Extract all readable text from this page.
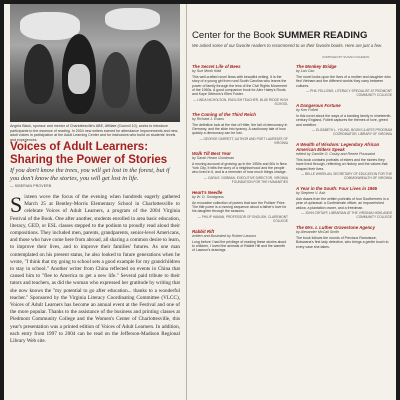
Angela Black, sponsor and mentor of Charlottesville's ABE, Affiliate (Council 10), works to introduce participants to the essence of reading. In 2004 new writers earned for attendance improvements and new-adult voices in participation at the Adult Learning Center and for instructors who build on students' levels and experiences.
Voices of Adult Learners: Sharing the Power of Stories
If you don't know the trees, you will get lost in the forest, but if you don't know the stories, you will get lost in life.
— SIBERIAN PROVERB
S ixteen wove the focus of the evening when hundreds eagerly gathered March 25 at Bentley-Morris Elementary School in Charlottesville to celebrate Voices of Adult Learners, a program of the 2004 Virginia Festival of the Book. One after another, students enrolled in area basic education, literacy, GED, or ESL classes stepped to the podium to proudly read aloud their compositions. They included men, parents, grandparents, senior-level Americans, and those who have come here from abroad, all sharing a common desire to learn, to improve their lives, and to improve their families' futures. As one man contemplated on his present status, he also looked to future generations when he wrote, "I think that my going to school sets a good example for my grandchildren to stay in school." Another writer from China reflected on events in China that caused him to "flee to America to get a new life." Several paid tribute to their tutors and teachers, as did the woman who expressed her gratitude by writing that she now knows the "my potential to go after education... thanks to a wonderful teacher." Sponsored by the Virginia Literacy Coordinating Committee (VLCC), Voices of Adult Learners has become an annual event at the Festival and one of the more popular. Thanks to the assistance of the business and printing classes at Piedmont Community College and the Women's Center of Charlottesville, this year's presentation was a printed edition of Voices of Adult Learners. In addition, each entry from 1997 to 2004 can be read on the Jefferson-Madison Regional Library Web site.
Center for the Book SUMMER READING
We asked some of our favorite readers to recommend to us their favorite books. Here are just a few.
COMPILED BY SUSAN COLEMAN
The Secret Life of Bees
by Sue Monk Kidd
This well-crafted novel flows with beautiful writing. It is the story of a young girl from rural South Carolina who learns the power of family through the lens of the Civil Rights Movement of the 1960s. A good companion book for Alex Haley's Roots and Kaye Gibbons's Ellen Foster.
— LINDA NICHOLSON, ENGLISH TEACHER, BLUE RIDGE HIGH SCHOOL
The Coming of the Third Reich
by Richard J. Evans
The definitive look at the rise of Hitler, the fall of democracy in Germany, and the slide into tyranny. A cautionary tale of how quickly a democracy can be lost.
— GEORGE GARRETT, AUTHOR AND POET LAUREATE OF VIRGINIA
Walk Till Best Year
by Sarah Hearn Goodman
A moving account of growing up in the 1950s and 60s in New York City. It tells the story of a neighborhood and the people who lived in it, and is a reminder of how much things change.
— CARA E. DOBBAN, EXECUTIVE DIRECTOR, VIRGINIA FOUNDATION FOR THE HUMANITIES
Heart's Needle
by W. D. Snodgrass
An evocative collection of poems that won the Pulitzer Prize. The title poem is a moving sequence about a father's love for his daughter through the seasons.
— PHILIP HAMAN, PROFESSOR OF ENGLISH, CLAREMONT COLLEGE
Rabbit Rift
written and illustrated by Robert Lawson
Long before I had the privilege of reading these stories aloud to children, I loved the animals of Rabbit Hill and the warmth of Lawson's drawings.
The Monkey Bridge
by Lan Cao
The novel looks upon the lives of a mother and daughter who fled Vietnam and the different worlds they carry between cultures.
— PHIL FELLOWS, LITERACY SPECIALIST AT PIEDMONT COMMUNITY COLLEGE
A Dangerous Fortune
by Ken Follett
In this novel about the ways of a banking family in nineteenth-century England, Follett captures the themes of love, greed and ambition.
— ELIZABETH L. YOUNG, BOOKS & ARTS PROGRAM COORDINATOR, LIBRARY OF VIRGINIA
A Wealth of Wisdom: Legendary African American Elders Speak
edited by Camille O. Cosby and Renee Poussaint
This book contains portraits of elders and the stories they have lived through, reflecting on history and the values that shaped their lives.
— BELLE WHEELAN, SECRETARY OF EDUCATION FOR THE COMMONWEALTH OF VIRGINIA
A Year in the South: Four Lives in 1865
by Stephen V. Ash
Ash draws from the written portraits of four Southerners in a year of upheaval: a Confederate officer, an impoverished widow, a plantation owner, and a freedman.
— JOHN CRITAFF, LIBRARIAN AT THE VIRGINIA HIGHLANDS COMMUNITY COLLEGE
The Mrs. L Luther Gravestone Agency
by Alexander McCall Smith
The book follows the rounds of Precious Ramotswe, Botswana's first lady detective, who brings a gentle touch to every case she takes.
